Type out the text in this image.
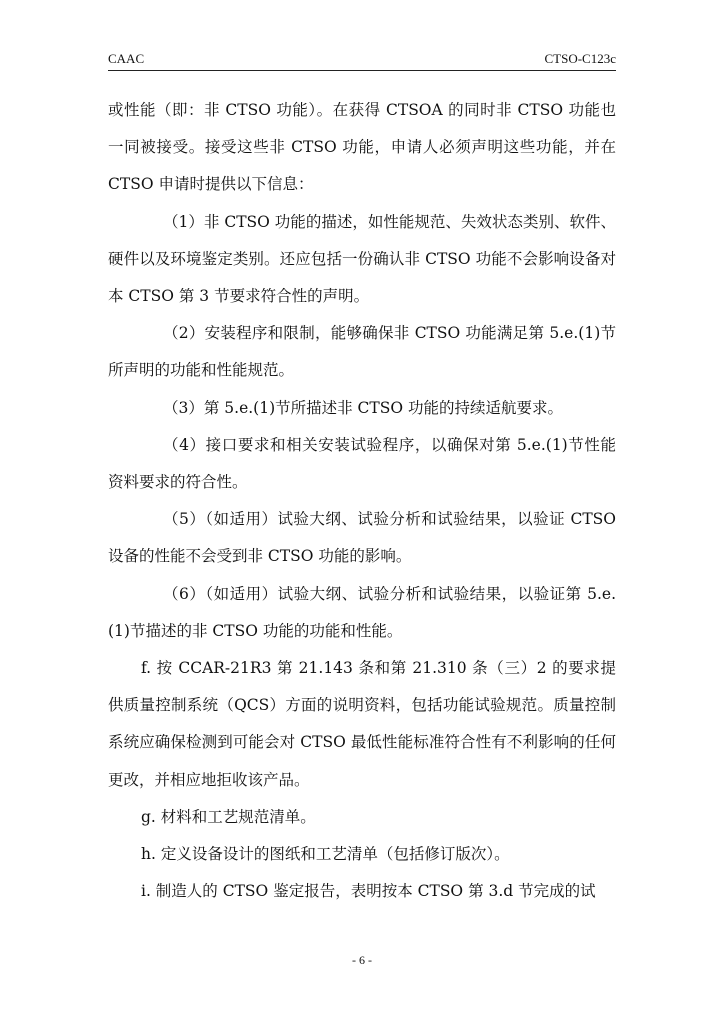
CAAC	CTSO-C123c

或性能（即：非 CTSO 功能）。在获得 CTSOA 的同时非 CTSO 功能也一同被接受。接受这些非 CTSO 功能，申请人必须声明这些功能，并在 CTSO 申请时提供以下信息：

（1）非 CTSO 功能的描述，如性能规范、失效状态类别、软件、硬件以及环境鉴定类别。还应包括一份确认非 CTSO 功能不会影响设备对本 CTSO 第 3 节要求符合性的声明。

（2）安装程序和限制，能够确保非 CTSO 功能满足第 5.e.(1)节所声明的功能和性能规范。

（3）第 5.e.(1)节所描述非 CTSO 功能的持续适航要求。

（4）接口要求和相关安装试验程序，以确保对第 5.e.(1)节性能资料要求的符合性。

（5）（如适用）试验大纲、试验分析和试验结果，以验证 CTSO 设备的性能不会受到非 CTSO 功能的影响。

（6）（如适用）试验大纲、试验分析和试验结果，以验证第 5.e.(1)节描述的非 CTSO 功能的功能和性能。

f. 按 CCAR-21R3 第 21.143 条和第 21.310 条（三）2 的要求提供质量控制系统（QCS）方面的说明资料，包括功能试验规范。质量控制系统应确保检测到可能会对 CTSO 最低性能标准符合性有不利影响的任何更改，并相应地拒收该产品。

g. 材料和工艺规范清单。

h. 定义设备设计的图纸和工艺清单（包括修订版次）。

i. 制造人的 CTSO 鉴定报告，表明按本 CTSO 第 3.d 节完成的试

- 6 -
